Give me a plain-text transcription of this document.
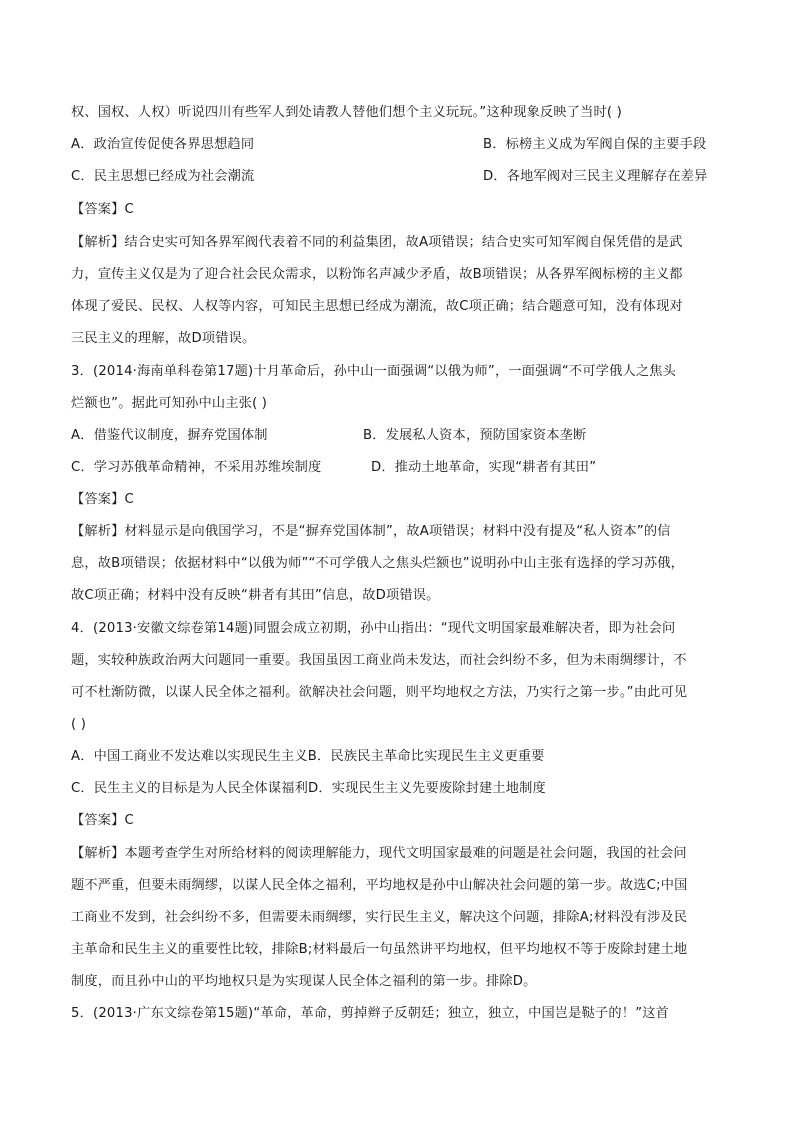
权、国权、人权）听说四川有些军人到处请教人替他们想个主义玩玩。”这种现象反映了当时( )
A．政治宣传促使各界思想趋同	B．标榜主义成为军阀自保的主要手段
C．民主思想已经成为社会潮流	D．各地军阀对三民主义理解存在差异
【答案】C
【解析】结合史实可知各界军阀代表着不同的利益集团，故A项错误；结合史实可知军阀自保凭借的是武
力，宣传主义仅是为了迎合社会民众需求，以粉饰名声减少矛盾，故B项错误；从各界军阀标榜的主义都
体现了爱民、民权、人权等内容，可知民主思想已经成为潮流，故C项正确；结合题意可知，没有体现对
三民主义的理解，故D项错误。
3．(2014·海南单科卷第17题)十月革命后，孙中山一面强调“以俄为师”，一面强调“不可学俄人之焦头
烂额也”。据此可知孙中山主张( )
A．借鉴代议制度，摒弃党国体制	B．发展私人资本，预防国家资本垄断
C．学习苏俄革命精神，不采用苏维埃制度	D．推动土地革命，实现“耕者有其田”
【答案】C
【解析】材料显示是向俄国学习，不是“摒弃党国体制”，故A项错误；材料中没有提及“私人资本”的信
息，故B项错误；依据材料中“以俄为师”“不可学俄人之焦头烂额也”说明孙中山主张有选择的学习苏俄，
故C项正确；材料中没有反映“耕者有其田”信息，故D项错误。
4．(2013·安徽文综卷第14题)同盟会成立初期，孙中山指出：“现代文明国家最难解决者，即为社会问
题，实较种族政治两大问题同一重要。我国虽因工商业尚未发达，而社会纠纷不多，但为未雨绸缪计，不
可不杜渐防微，以谋人民全体之福利。欲解决社会问题，则平均地权之方法，乃实行之第一步。”由此可见
( )
A．中国工商业不发达难以实现民生主义B．民族民主革命比实现民生主义更重要
C．民生主义的目标是为人民全体谋福利D．实现民生主义先要废除封建土地制度
【答案】C
【解析】本题考查学生对所给材料的阅读理解能力，现代文明国家最难的问题是社会问题，我国的社会问
题不严重，但要未雨绸缪，以谋人民全体之福利，平均地权是孙中山解决社会问题的第一步。故选C;中国
工商业不发到，社会纠纷不多，但需要未雨绸缪，实行民生主义，解决这个问题，排除A;材料没有涉及民
主革命和民生主义的重要性比较，排除B;材料最后一句虽然讲平均地权，但平均地权不等于废除封建土地
制度，而且孙中山的平均地权只是为实现谋人民全体之福利的第一步。排除D。
5．(2013·广东文综卷第15题)“革命，革命，剪掉辫子反朝廷；独立，独立，中国岂是鞑子的！”这首
